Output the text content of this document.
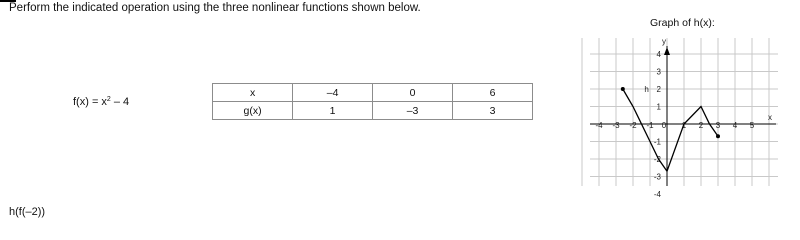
Perform the indicated operation using the three nonlinear functions shown below.
$f(x) = x^2 - 4$
x	–4	0	6
g(x)	1	–3	3
h(f(–2))
Graph of h(x):
-4 -3 -2 -1 0 1 2 3 4 5
4
3
2
1
-1
-2
-3
-4
y
x
h
